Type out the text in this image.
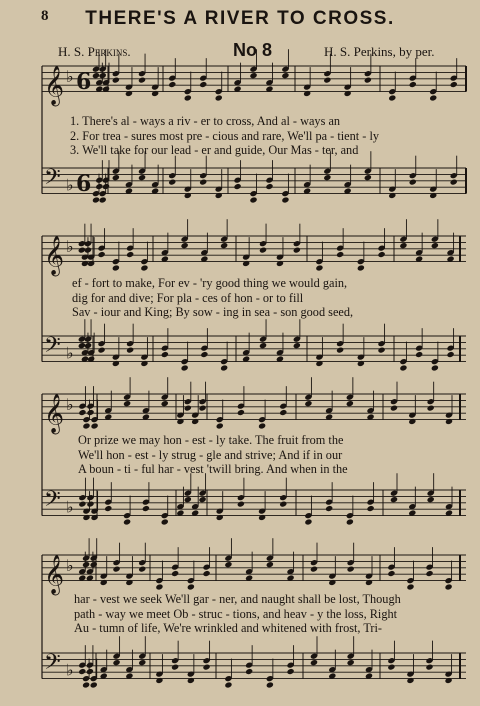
𝄞 ♭ 6
𝄢 ♭ 6
𝄞 ♭
𝄢 ♭
𝄞 ♭
𝄢 ♭
𝄞 ♭
𝄢 ♭
8	THERE'S A RIVER TO CROSS.
H. S. Perkins.	No 8	H. S. Perkins, by per.
1. There's al - ways a riv - er to cross, And al - ways an
2. For trea - sures most pre - cious and rare, We'll pa - tient - ly
3. We'll take for our lead - er and guide, Our Mas - ter, and
ef - fort to make, For ev - 'ry good thing we would gain,
dig for and dive; For pla - ces of hon - or to fill
Sav - iour and King; By sow - ing in sea - son good seed,
Or prize we may hon - est - ly take. The fruit from the
We'll hon - est - ly strug - gle and strive; And if in our
A boun - ti - ful har - vest 'twill bring. And when in the
har - vest we seek We'll gar - ner, and naught shall be lost, Though
path - way we meet Ob - struc - tions, and heav - y the loss, Right
Au - tumn of life, We're wrinkled and whitened with frost, Tri-
